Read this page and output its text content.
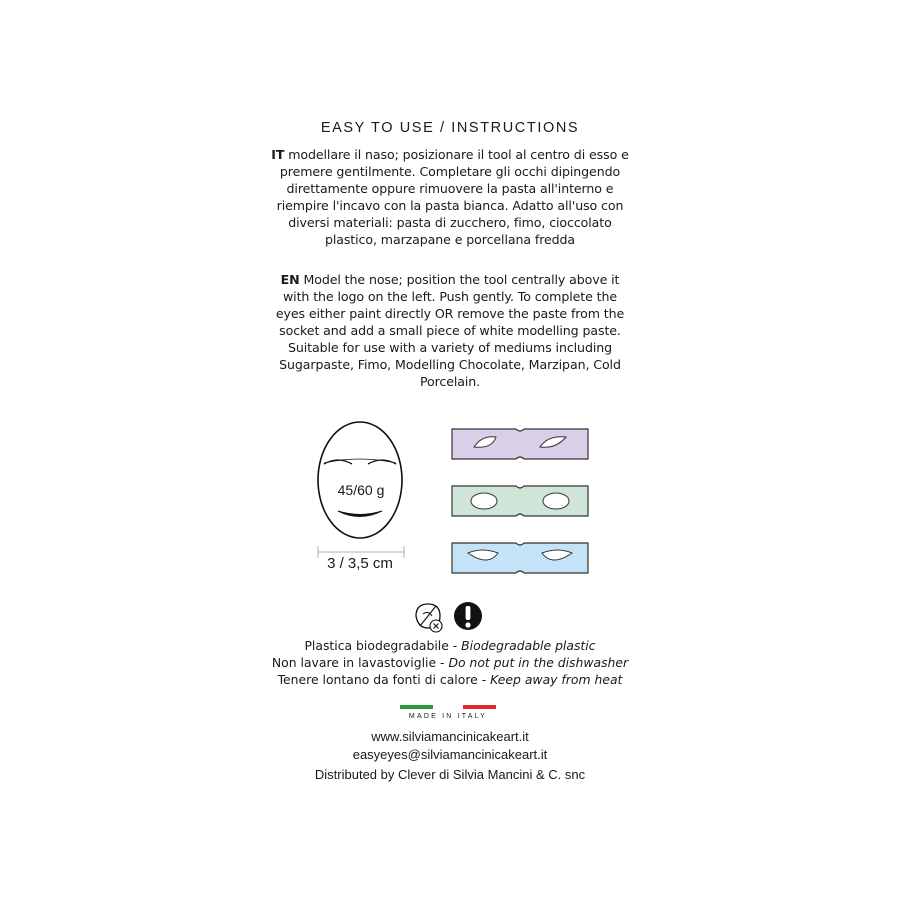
EASY TO USE / INSTRUCTIONS
IT modellare il naso; posizionare il tool al centro di esso e premere gentilmente. Completare gli occhi dipingendo direttamente oppure rimuovere la pasta all'interno e riempire l'incavo con la pasta bianca. Adatto all'uso con diversi materiali: pasta di zucchero, fimo, cioccolato plastico, marzapane e porcellana fredda
EN Model the nose; position the tool centrally above it with the logo on the left. Push gently. To complete the eyes either paint directly OR remove the paste from the socket and add a small piece of white modelling paste. Suitable for use with a variety of mediums including Sugarpaste, Fimo, Modelling Chocolate, Marzipan, Cold Porcelain.
45/60 g
3 / 3,5 cm
Plastica biodegradabile - Biodegradable plastic
Non lavare in lavastoviglie - Do not put in the dishwasher
Tenere lontano da fonti di calore - Keep away from heat
MADE IN ITALY
www.silviamancinicakeart.it
easyeyes@silviamancinicakeart.it
Distributed by Clever di Silvia Mancini & C. snc
